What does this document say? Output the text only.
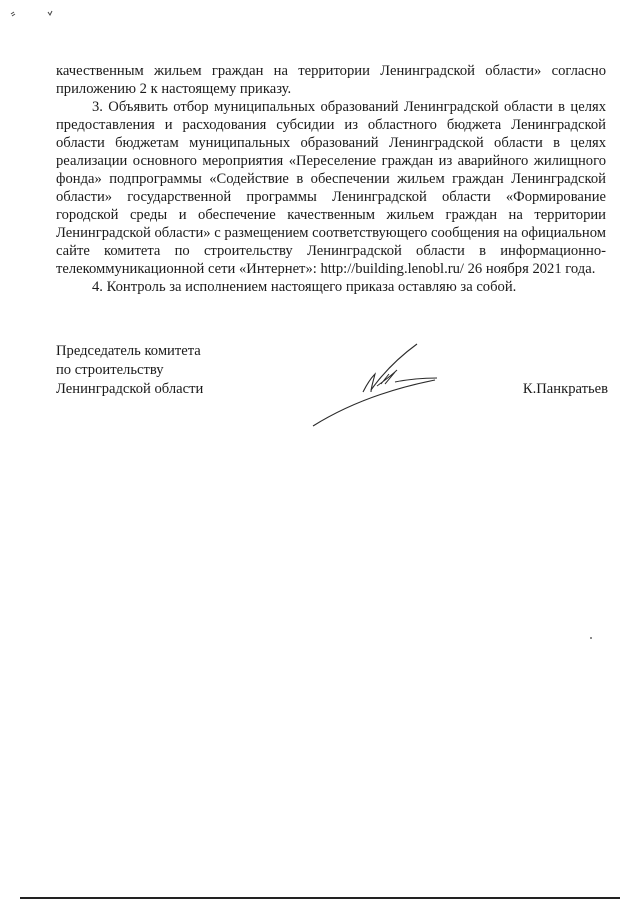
качественным жильем граждан на территории Ленинградской области» согласно приложению 2 к настоящему приказу.

3. Объявить отбор муниципальных образований Ленинградской области в целях предоставления и расходования субсидии из областного бюджета Ленинградской области бюджетам муниципальных образований Ленинградской области в целях реализации основного мероприятия «Переселение граждан из аварийного жилищного фонда» подпрограммы «Содействие в обеспечении жильем граждан Ленинградской области» государственной программы Ленинградской области «Формирование городской среды и обеспечение качественным жильем граждан на территории Ленинградской области» с размещением соответствующего сообщения на официальном сайте комитета по строительству Ленинградской области в информационно-телекоммуникационной сети «Интернет»: http://building.lenobl.ru/ 26 ноября 2021 года.

4. Контроль за исполнением настоящего приказа оставляю за собой.

Председатель комитета
по строительству
Ленинградской области	К.Панкратьев
